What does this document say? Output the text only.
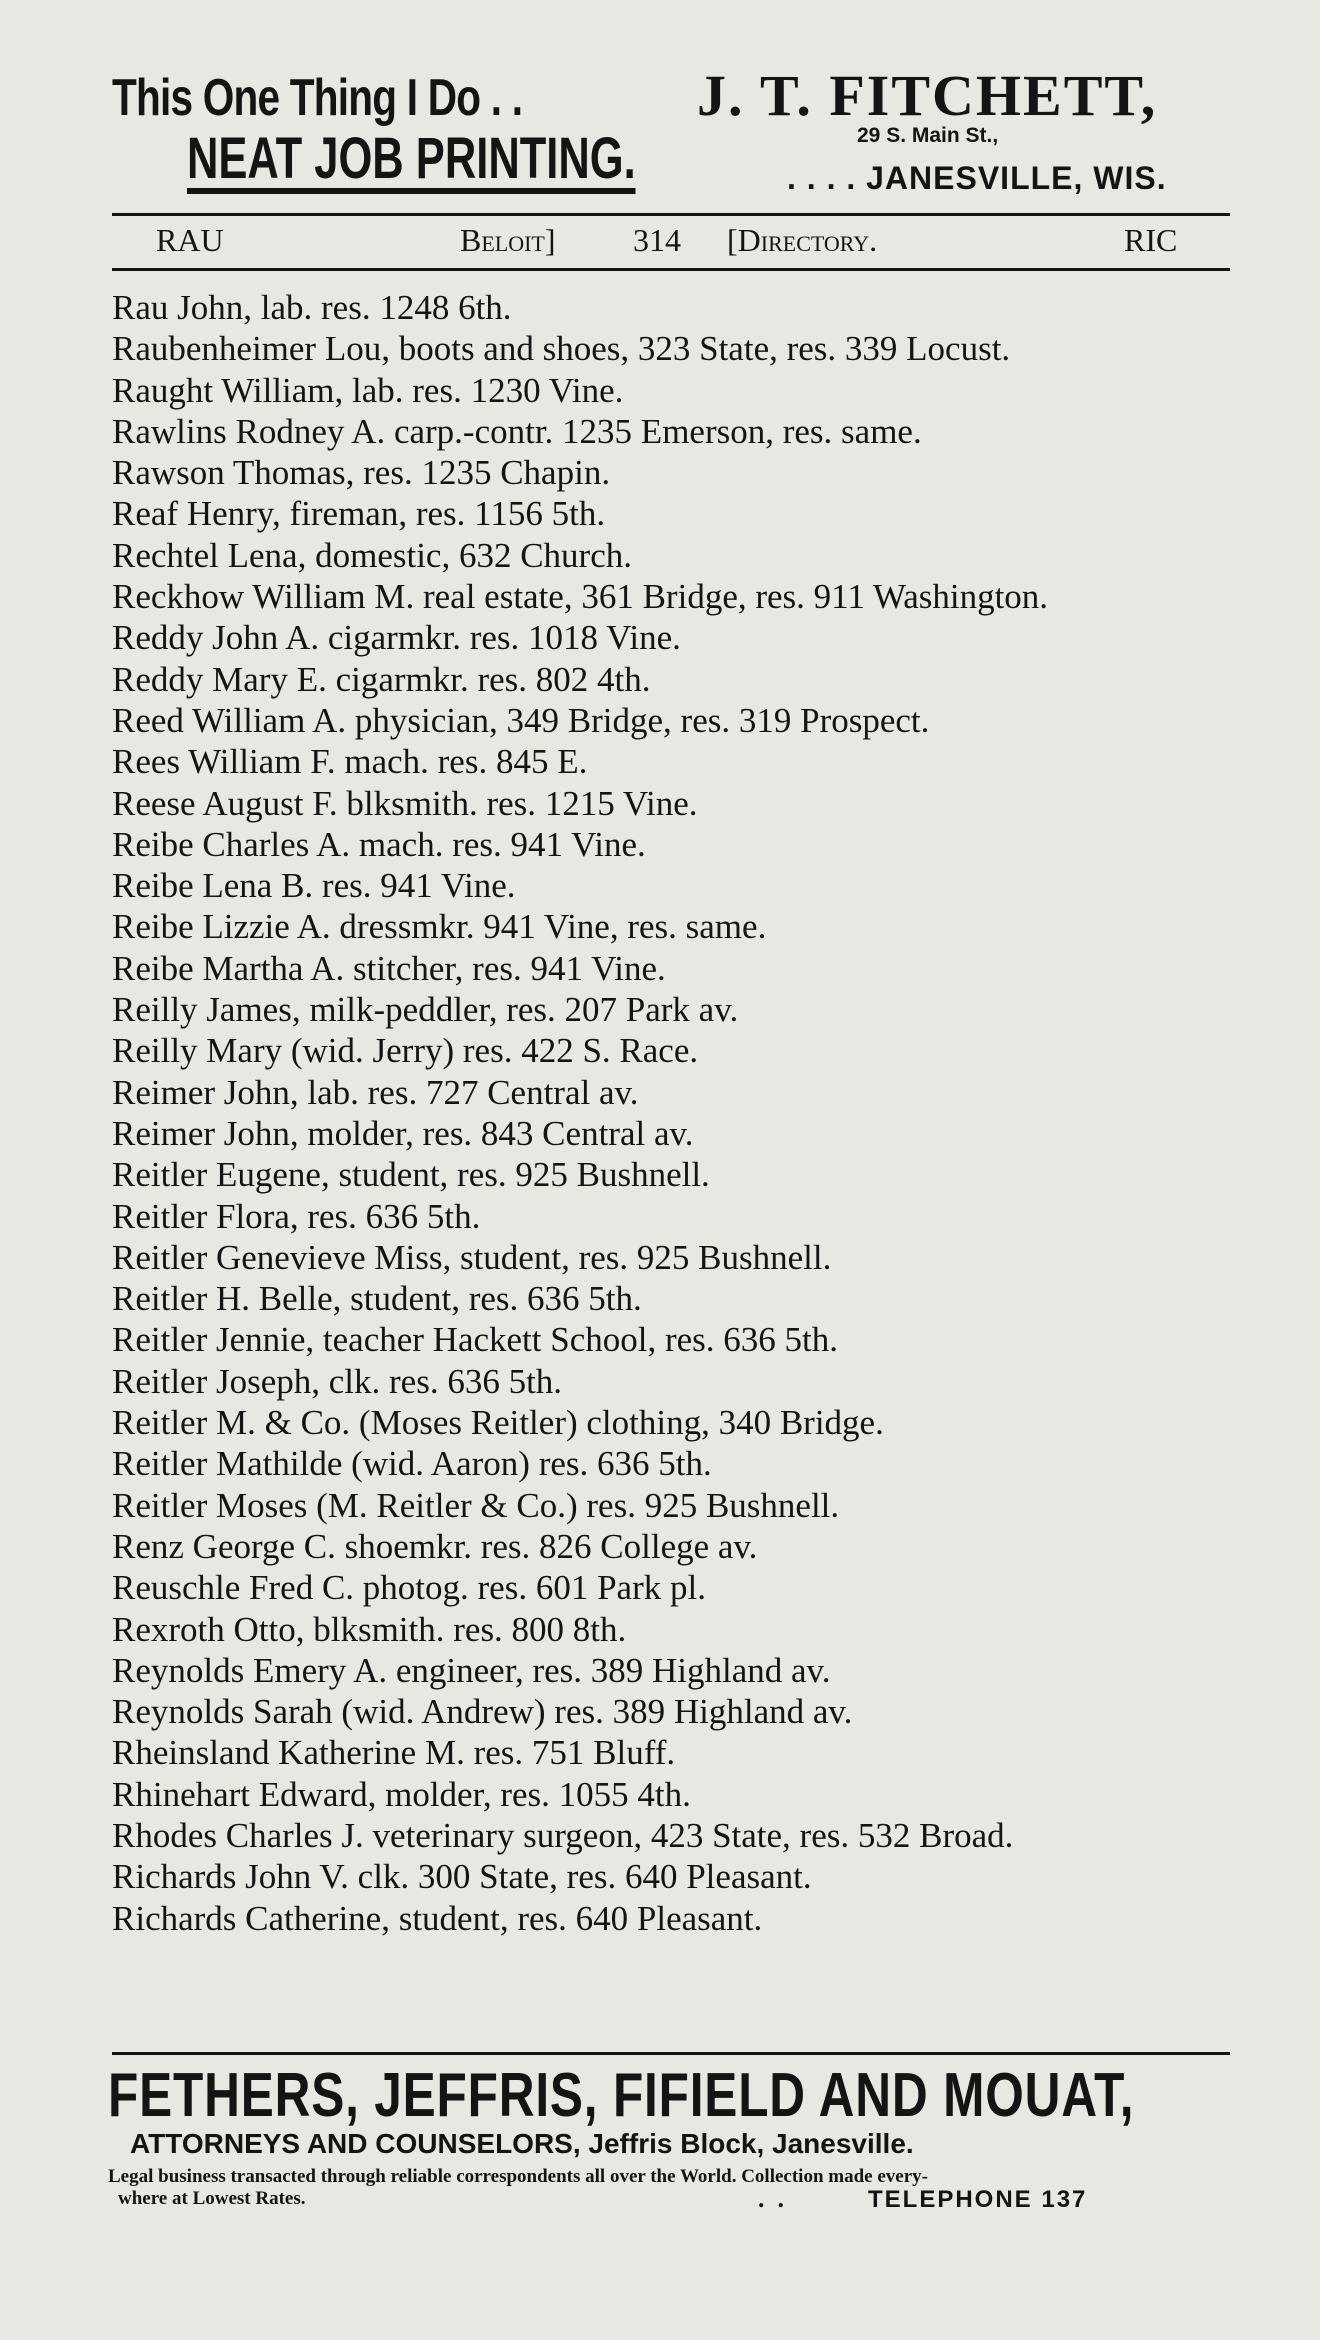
This One Thing I Do . .
NEAT JOB PRINTING.
J. T. FITCHETT,
29 S. Main St.,
. . . . JANESVILLE, WIS.
RAU	Beloit] 314 [Directory.	RIC
Rau John, lab. res. 1248 6th.
Raubenheimer Lou, boots and shoes, 323 State, res. 339 Locust.
Raught William, lab. res. 1230 Vine.
Rawlins Rodney A. carp.-contr. 1235 Emerson, res. same.
Rawson Thomas, res. 1235 Chapin.
Reaf Henry, fireman, res. 1156 5th.
Rechtel Lena, domestic, 632 Church.
Reckhow William M. real estate, 361 Bridge, res. 911 Washington.
Reddy John A. cigarmkr. res. 1018 Vine.
Reddy Mary E. cigarmkr. res. 802 4th.
Reed William A. physician, 349 Bridge, res. 319 Prospect.
Rees William F. mach. res. 845 E.
Reese August F. blksmith. res. 1215 Vine.
Reibe Charles A. mach. res. 941 Vine.
Reibe Lena B. res. 941 Vine.
Reibe Lizzie A. dressmkr. 941 Vine, res. same.
Reibe Martha A. stitcher, res. 941 Vine.
Reilly James, milk-peddler, res. 207 Park av.
Reilly Mary (wid. Jerry) res. 422 S. Race.
Reimer John, lab. res. 727 Central av.
Reimer John, molder, res. 843 Central av.
Reitler Eugene, student, res. 925 Bushnell.
Reitler Flora, res. 636 5th.
Reitler Genevieve Miss, student, res. 925 Bushnell.
Reitler H. Belle, student, res. 636 5th.
Reitler Jennie, teacher Hackett School, res. 636 5th.
Reitler Joseph, clk. res. 636 5th.
Reitler M. & Co. (Moses Reitler) clothing, 340 Bridge.
Reitler Mathilde (wid. Aaron) res. 636 5th.
Reitler Moses (M. Reitler & Co.) res. 925 Bushnell.
Renz George C. shoemkr. res. 826 College av.
Reuschle Fred C. photog. res. 601 Park pl.
Rexroth Otto, blksmith. res. 800 8th.
Reynolds Emery A. engineer, res. 389 Highland av.
Reynolds Sarah (wid. Andrew) res. 389 Highland av.
Rheinsland Katherine M. res. 751 Bluff.
Rhinehart Edward, molder, res. 1055 4th.
Rhodes Charles J. veterinary surgeon, 423 State, res. 532 Broad.
Richards John V. clk. 300 State, res. 640 Pleasant.
Richards Catherine, student, res. 640 Pleasant.
FETHERS, JEFFRIS, FIFIELD AND MOUAT,
ATTORNEYS AND COUNSELORS, Jeffris Block, Janesville.
Legal business transacted through reliable correspondents all over the World. Collection made every-
where at Lowest Rates.	.  .	TELEPHONE 137
